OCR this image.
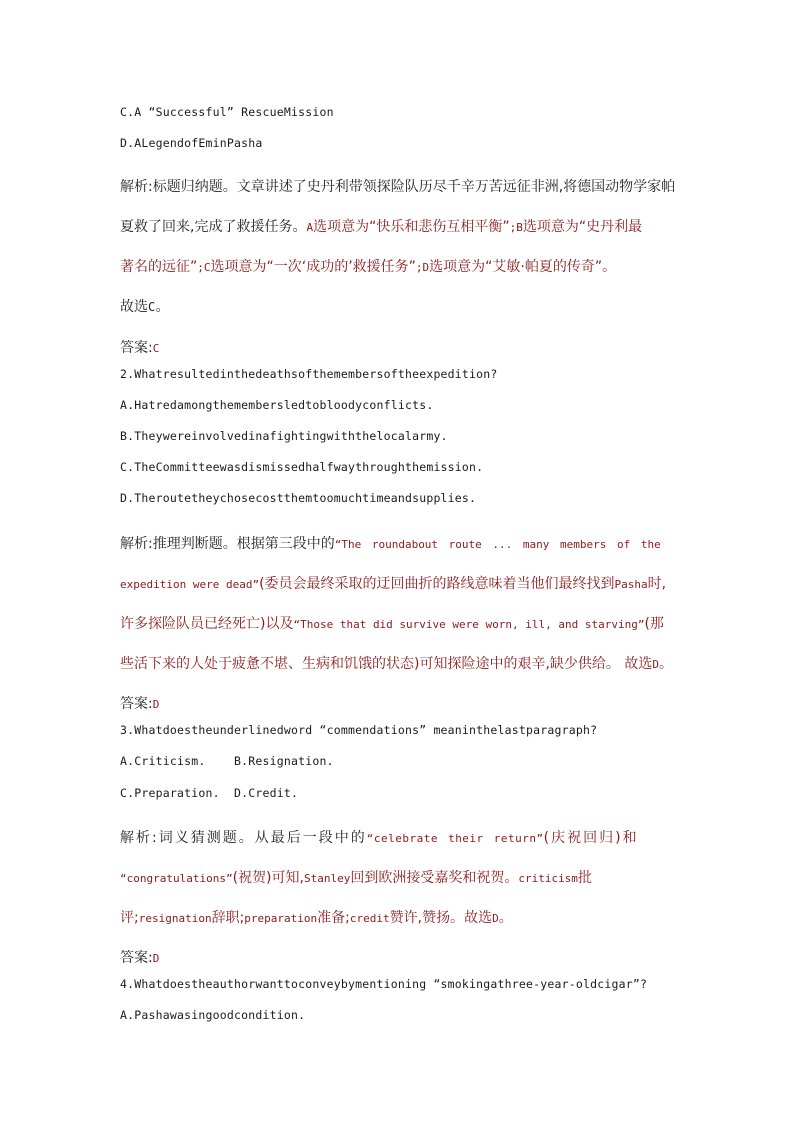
C.A “Successful” RescueMission
D.ALegendofEminPasha
解析:标题归纳题。文章讲述了史丹利带领探险队历尽千辛万苦远征非洲,将德国动物学家帕
夏救了回来,完成了救援任务。A选项意为“快乐和悲伤互相平衡”;B选项意为“史丹利最
著名的远征”;C选项意为“一次‘成功的’救援任务”;D选项意为“艾敏·帕夏的传奇”。
故选C。
答案:C
2.Whatresultedinthedeathsofthemembersoftheexpedition?
A.Hatredamongthemembersledtobloodyconflicts.
B.Theywereinvolvedinafightingwiththelocalarmy.
C.TheCommitteewasdismissedhalfwaythroughthemission.
D.Theroutetheychosecostthemtoomuchtimeandsupplies.
解析:推理判断题。根据第三段中的“The roundabout route ... many members of the
expedition were dead”(委员会最终采取的迂回曲折的路线意味着当他们最终找到Pasha时,
许多探险队员已经死亡)以及“Those that did survive were worn, ill, and starving”(那
些活下来的人处于疲惫不堪、生病和饥饿的状态)可知探险途中的艰辛,缺少供给。 故选D。
答案:D
3.Whatdoestheunderlinedword “commendations” meaninthelastparagraph?
A.Criticism.    B.Resignation.
C.Preparation.  D.Credit.
解析:词义猜测题。从最后一段中的“celebrate their return”(庆祝回归)和
“congratulations”(祝贺)可知,Stanley回到欧洲接受嘉奖和祝贺。criticism批
评;resignation辞职;preparation准备;credit赞许,赞扬。故选D。
答案:D
4.Whatdoestheauthorwanttoconveybymentioning “smokingathree-year-oldcigar”?
A.Pashawasingoodcondition.
